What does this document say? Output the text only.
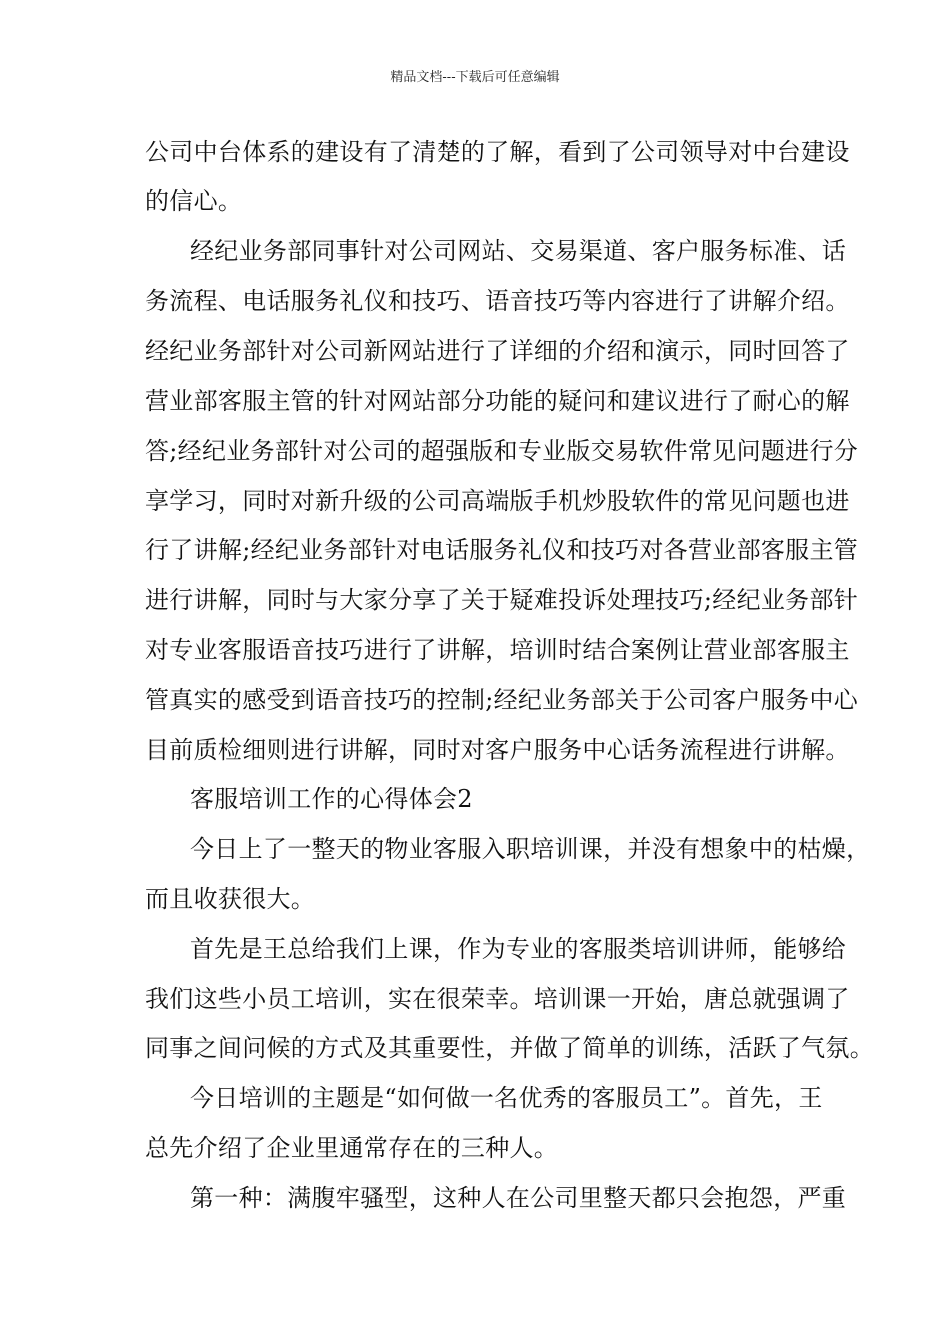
精品文档---下载后可任意编辑
公司中台体系的建设有了清楚的了解，看到了公司领导对中台建设
的信心。
经纪业务部同事针对公司网站、交易渠道、客户服务标准、话
务流程、电话服务礼仪和技巧、语音技巧等内容进行了讲解介绍。
经纪业务部针对公司新网站进行了详细的介绍和演示，同时回答了
营业部客服主管的针对网站部分功能的疑问和建议进行了耐心的解
答;经纪业务部针对公司的超强版和专业版交易软件常见问题进行分
享学习，同时对新升级的公司高端版手机炒股软件的常见问题也进
行了讲解;经纪业务部针对电话服务礼仪和技巧对各营业部客服主管
进行讲解，同时与大家分享了关于疑难投诉处理技巧;经纪业务部针
对专业客服语音技巧进行了讲解，培训时结合案例让营业部客服主
管真实的感受到语音技巧的控制;经纪业务部关于公司客户服务中心
目前质检细则进行讲解，同时对客户服务中心话务流程进行讲解。
客服培训工作的心得体会2
今日上了一整天的物业客服入职培训课，并没有想象中的枯燥，
而且收获很大。
首先是王总给我们上课，作为专业的客服类培训讲师，能够给
我们这些小员工培训，实在很荣幸。培训课一开始，唐总就强调了
同事之间问候的方式及其重要性，并做了简单的训练，活跃了气氛。
今日培训的主题是“如何做一名优秀的客服员工”。首先，王
总先介绍了企业里通常存在的三种人。
第一种：满腹牢骚型，这种人在公司里整天都只会抱怨，严重
